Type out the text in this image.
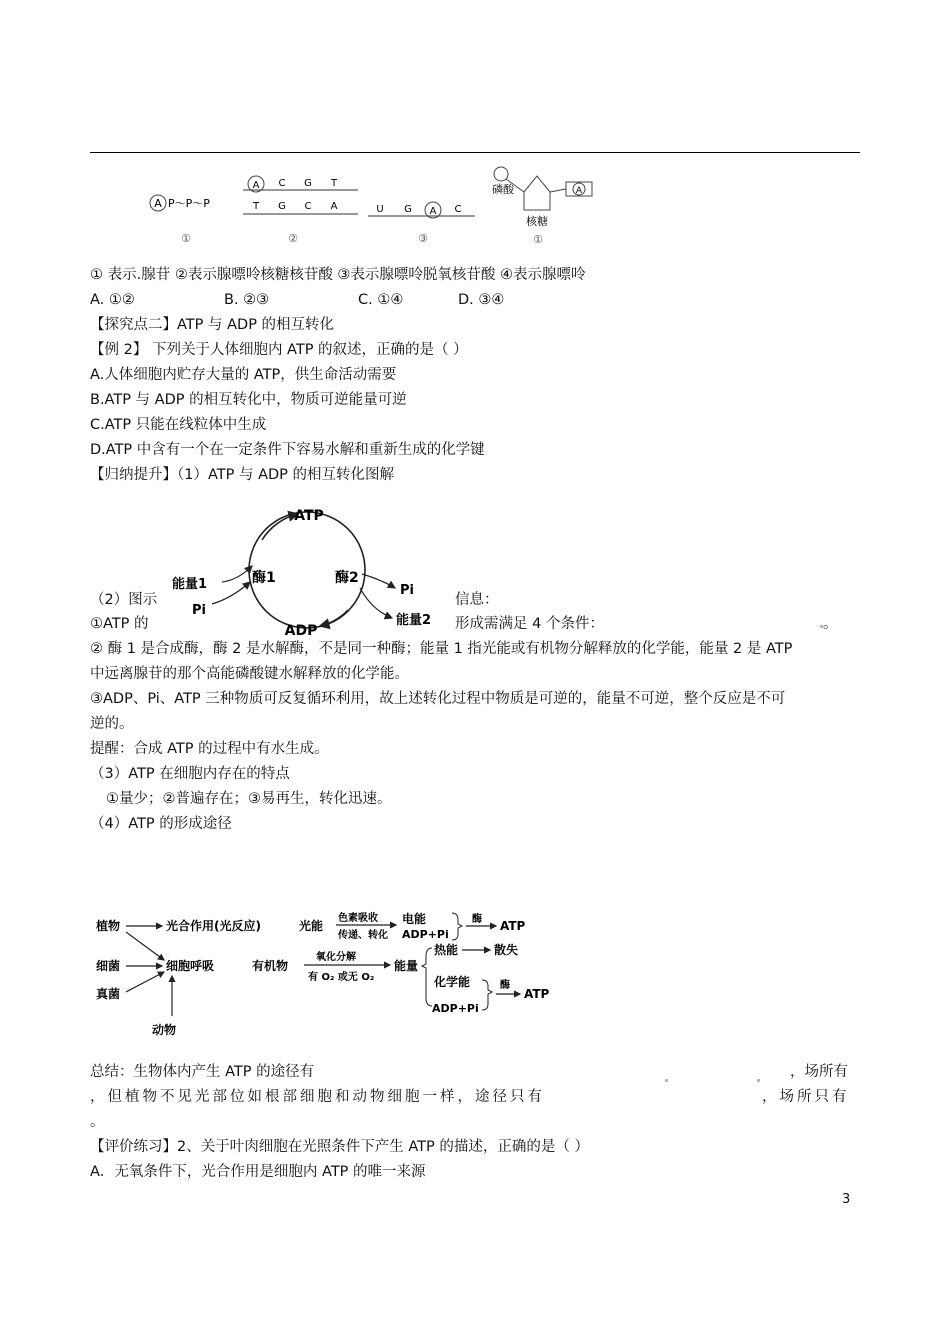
A P～P～P
①
A C G T
T G C A
②
U G A C
③
磷酸	A
核糖
①
① 表示.腺苷 ②表示腺嘌呤核糖核苷酸 ③表示腺嘌呤脱氧核苷酸 ④表示腺嘌呤
A. ①②	B. ②③	C. ①④	D. ③④
【探究点二】ATP 与 ADP 的相互转化
【例 2】 下列关于人体细胞内 ATP 的叙述，正确的是（ ）
A.人体细胞内贮存大量的 ATP，供生命活动需要
B.ATP 与 ADP 的相互转化中，物质可逆能量可逆
C.ATP 只能在线粒体中生成
D.ATP 中含有一个在一定条件下容易水解和重新生成的化学键
【归纳提升】（1）ATP 与 ADP 的相互转化图解
ATP
ADP
酶1	酶2
能量1
Pi
Pi
能量2
（2）图示	信息：
①ATP 的	形成需满足 4 个条件：	。
② 酶 1 是合成酶，酶 2 是水解酶，不是同一种酶；能量 1 指光能或有机物分解释放的化学能，能量 2 是 ATP
中远离腺苷的那个高能磷酸键水解释放的化学能。
③ADP、Pi、ATP 三种物质可反复循环利用，故上述转化过程中物质是可逆的，能量不可逆，整个反应是不可
逆的。
提醒：合成 ATP 的过程中有水生成。
（3）ATP 在细胞内存在的特点
①量少；②普遍存在；③易再生，转化迅速。
（4）ATP 的形成途径
植物	光合作用(光反应)	光能
色素吸收
传递、转化
电能
ADP+Pi
酶 ATP
细菌
真菌
细胞呼吸
动物
有机物
氧化分解
有 O₂ 或无 O₂
能量
热能	散失
化学能
ADP+Pi
酶
ATP
总结：生物体内产生 ATP 的途径有	，场所有
，但植物不见光部位如根部细胞和动物细胞一样，途径只有	，场所只有
。
【评价练习】2、关于叶肉细胞在光照条件下产生 ATP 的描述，正确的是（ ）
A．无氧条件下，光合作用是细胞内 ATP 的唯一来源
3
